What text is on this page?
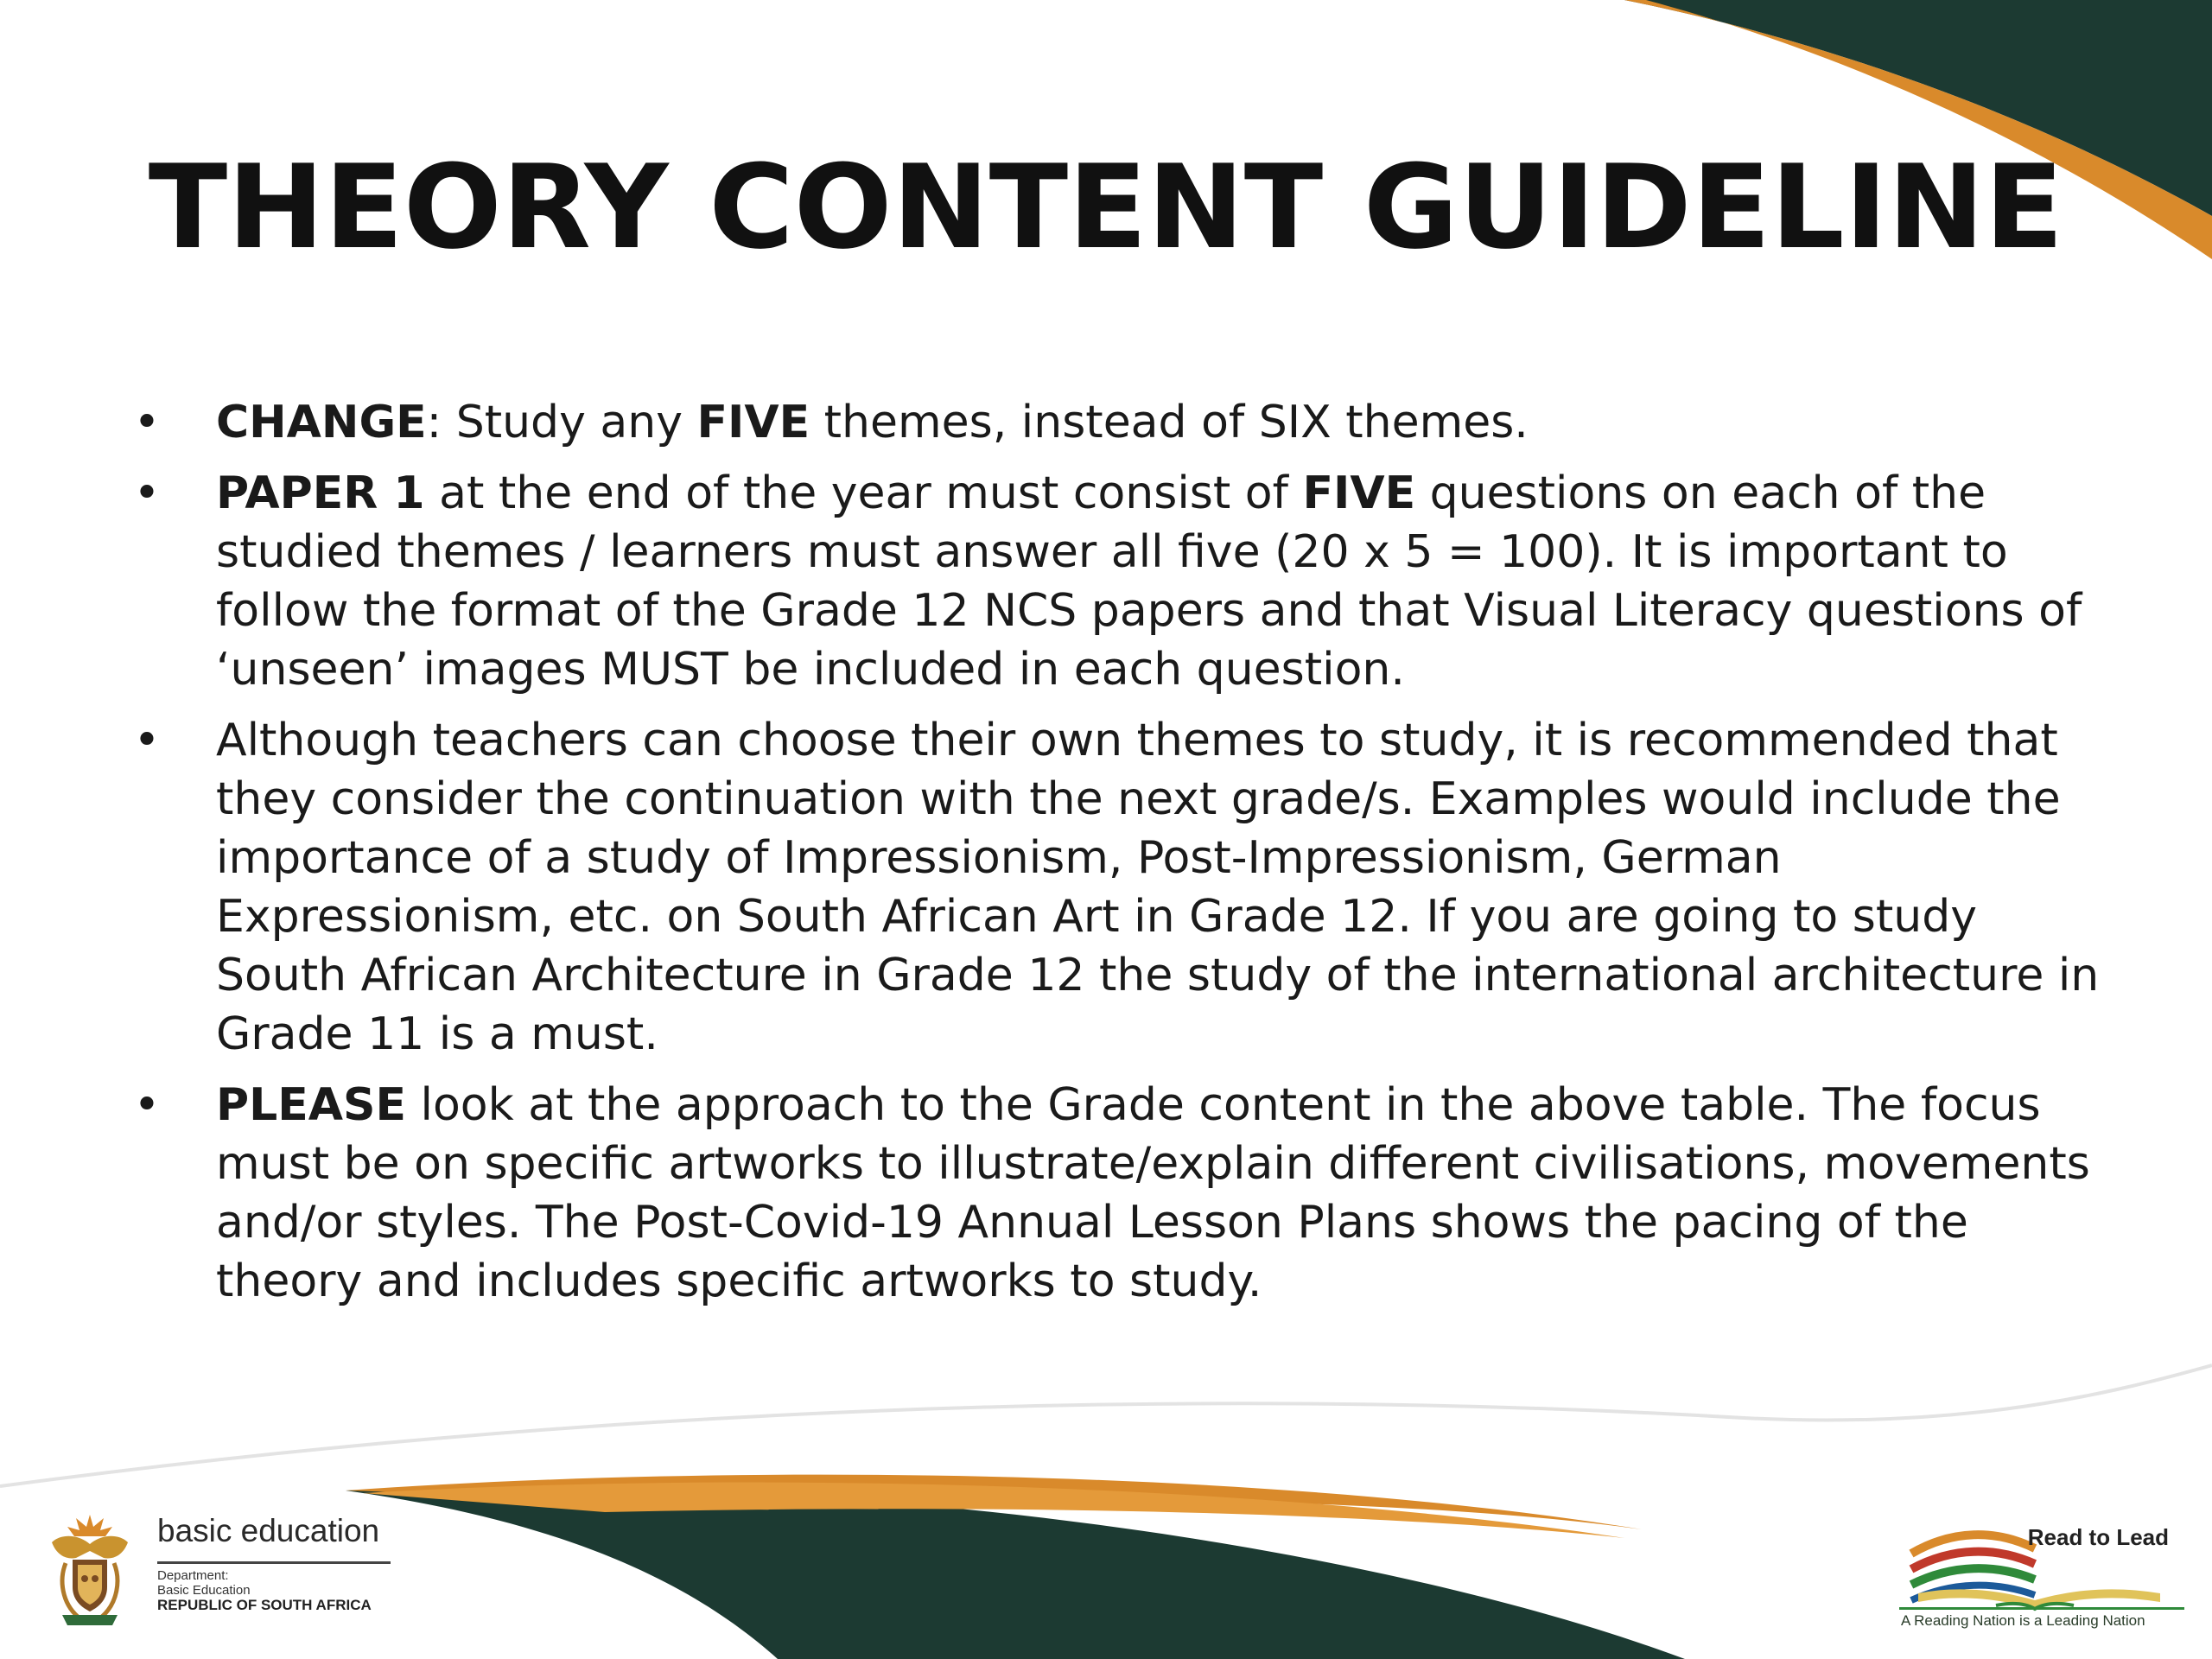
THEORY CONTENT GUIDELINE
• CHANGE: Study any FIVE themes, instead of SIX themes.
• PAPER 1 at the end of the year must consist of FIVE questions on each of the studied themes / learners must answer all five (20 x 5 = 100). It is important to follow the format of the Grade 12 NCS papers and that Visual Literacy questions of ‘unseen’ images MUST be included in each question.
• Although teachers can choose their own themes to study, it is recommended that they consider the continuation with the next grade/s. Examples would include the importance of a study of Impressionism, Post-Impressionism, German Expressionism, etc. on South African Art in Grade 12. If you are going to study South African Architecture in Grade 12 the study of the international architecture in Grade 11 is a must.
• PLEASE look at the approach to the Grade content in the above table. The focus must be on specific artworks to illustrate/explain different civilisations, movements and/or styles. The Post-Covid-19 Annual Lesson Plans shows the pacing of the theory and includes specific artworks to study.
basic education
Department:
Basic Education
REPUBLIC OF SOUTH AFRICA
Read to Lead
A Reading Nation is a Leading Nation
